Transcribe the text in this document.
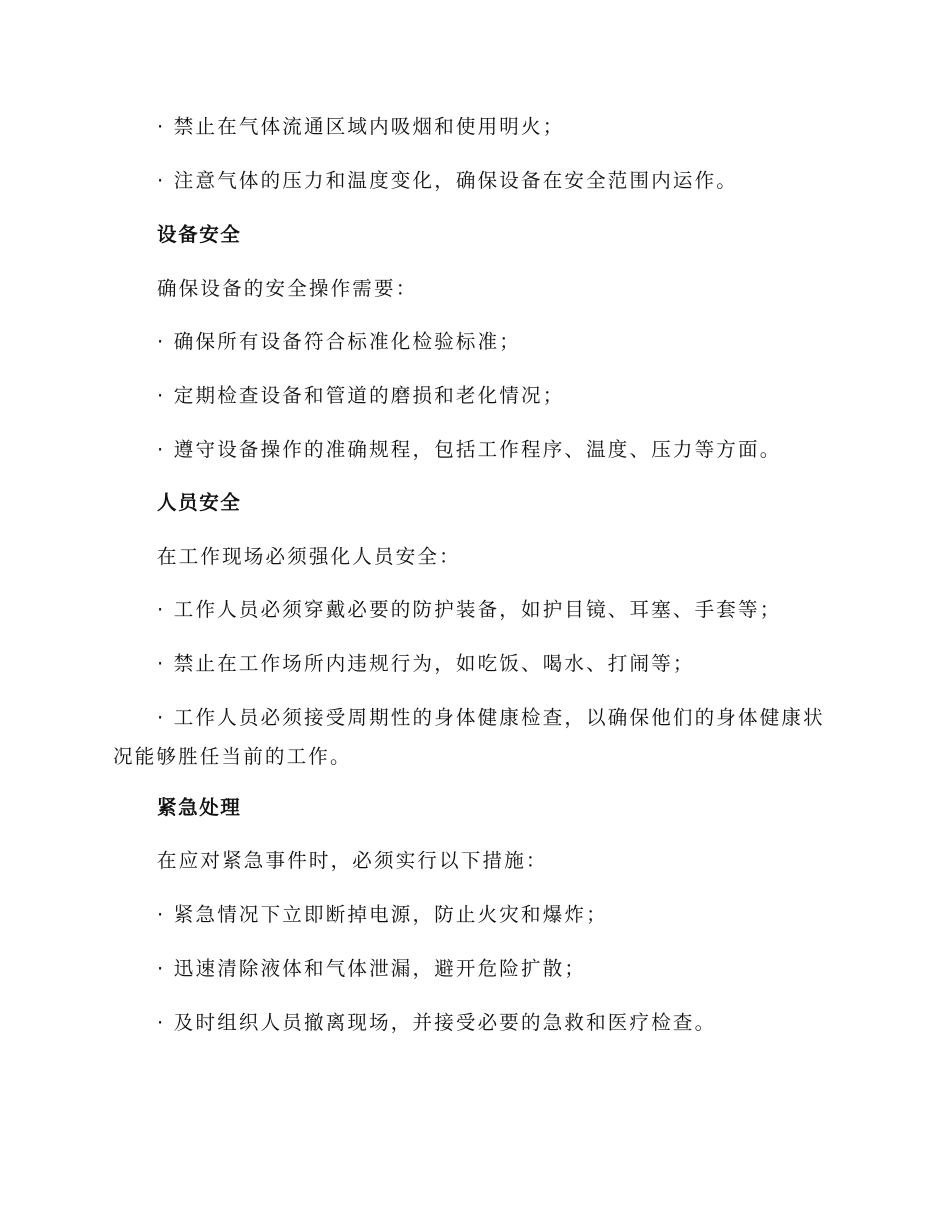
· 禁止在气体流通区域内吸烟和使用明火；
· 注意气体的压力和温度变化，确保设备在安全范围内运作。
设备安全
确保设备的安全操作需要：
· 确保所有设备符合标准化检验标准；
· 定期检查设备和管道的磨损和老化情况；
· 遵守设备操作的准确规程，包括工作程序、温度、压力等方面。
人员安全
在工作现场必须强化人员安全：
· 工作人员必须穿戴必要的防护装备，如护目镜、耳塞、手套等；
· 禁止在工作场所内违规行为，如吃饭、喝水、打闹等；
· 工作人员必须接受周期性的身体健康检查，以确保他们的身体健康状
况能够胜任当前的工作。
紧急处理
在应对紧急事件时，必须实行以下措施：
· 紧急情况下立即断掉电源，防止火灾和爆炸；
· 迅速清除液体和气体泄漏，避开危险扩散；
· 及时组织人员撤离现场，并接受必要的急救和医疗检查。
